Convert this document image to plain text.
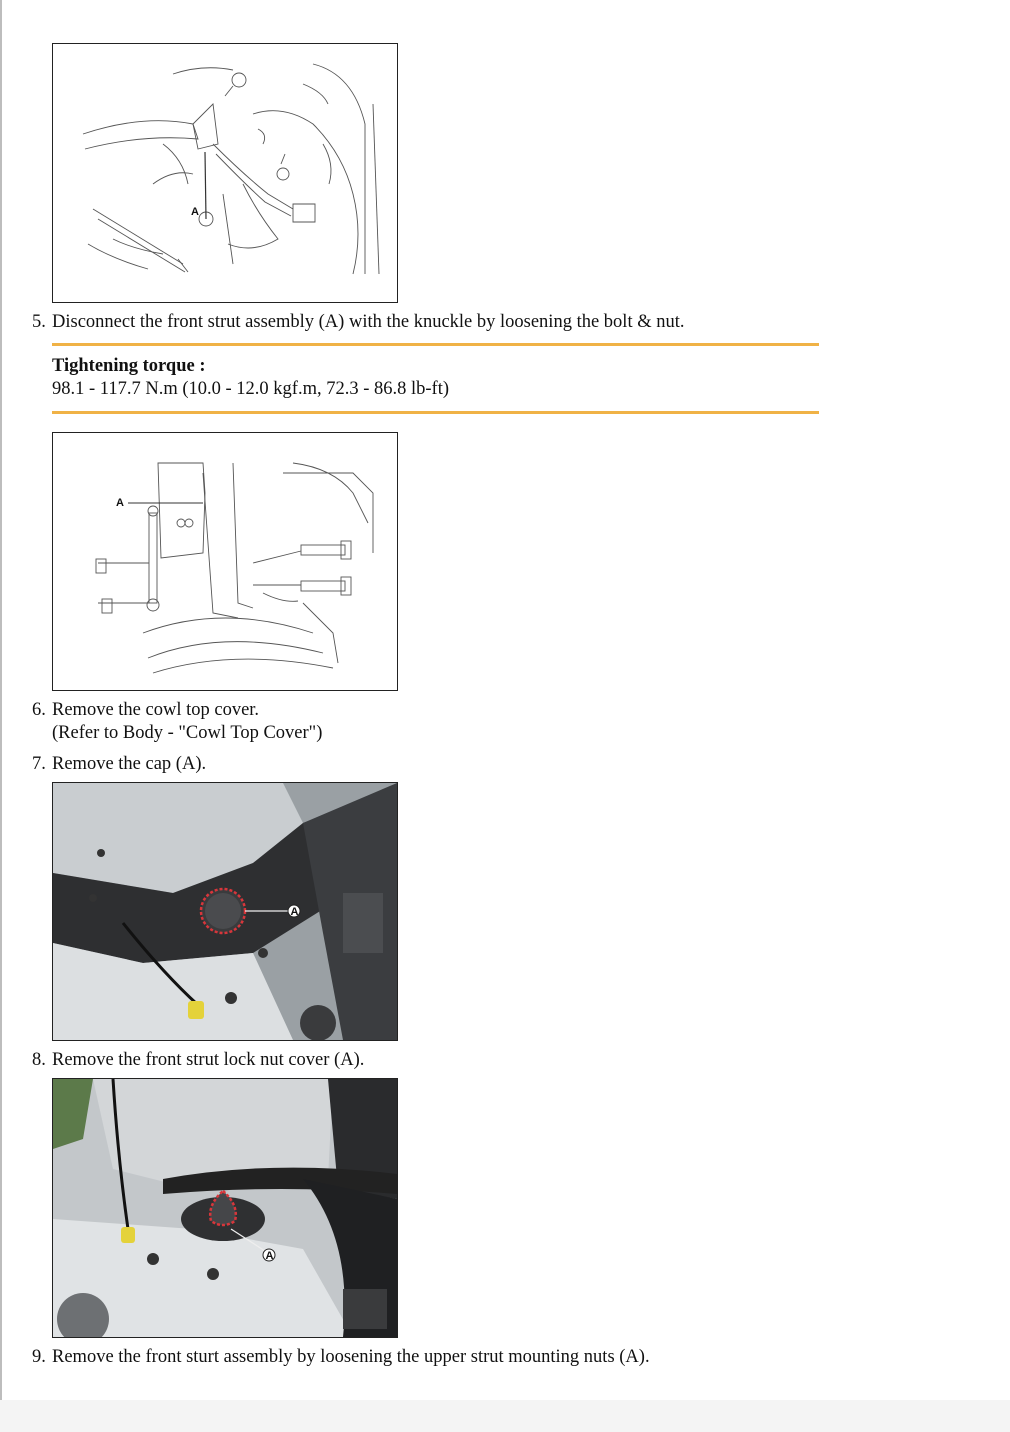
A
5. Disconnect the front strut assembly (A) with the knuckle by loosening the bolt & nut.
Tightening torque :
98.1 - 117.7 N.m (10.0 - 12.0 kgf.m, 72.3 - 86.8 lb-ft)
A
6. Remove the cowl top cover.
(Refer to Body - "Cowl Top Cover")
7. Remove the cap (A).
A
8. Remove the front strut lock nut cover (A).
A
9. Remove the front sturt assembly by loosening the upper strut mounting nuts (A).
